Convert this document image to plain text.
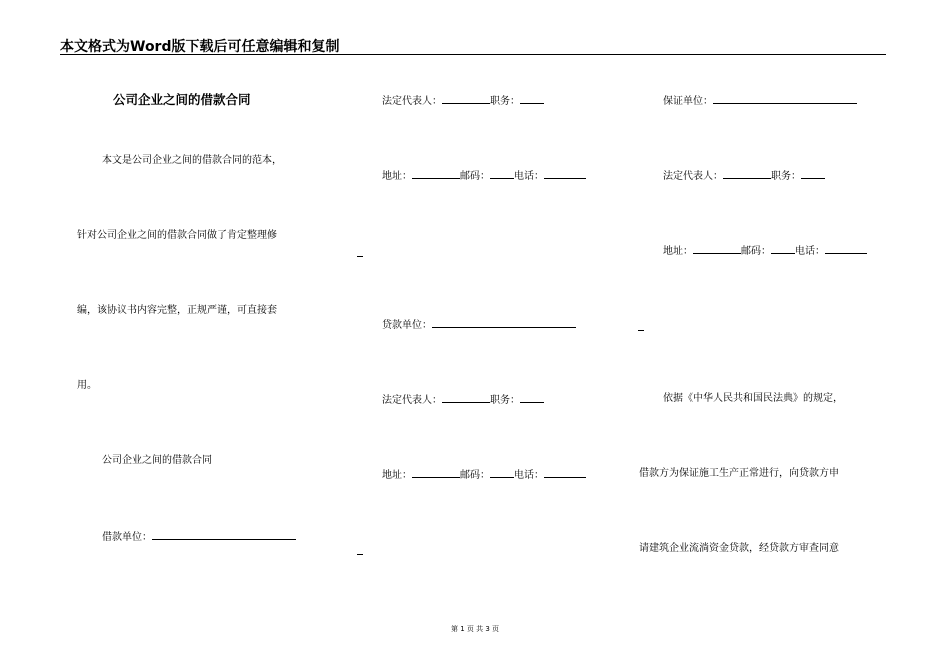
本文格式为Word版下载后可任意编辑和复制
公司企业之间的借款合同
本文是公司企业之间的借款合同的范本，
针对公司企业之间的借款合同做了肯定整理修
编，该协议书内容完整，正规严谨，可直接套
用。
公司企业之间的借款合同
借款单位：
法定代表人：	职务：
地址：	邮码： 电话：
贷款单位：
法定代表人：	职务：
地址：	邮码： 电话：
保证单位：
法定代表人：	职务：
地址：	邮码： 电话：
依据《中华人民共和国民法典》的规定，
借款方为保证施工生产正常进行，向贷款方申
请建筑企业流淌资金贷款，经贷款方审查同意
第 1 页 共 3 页
